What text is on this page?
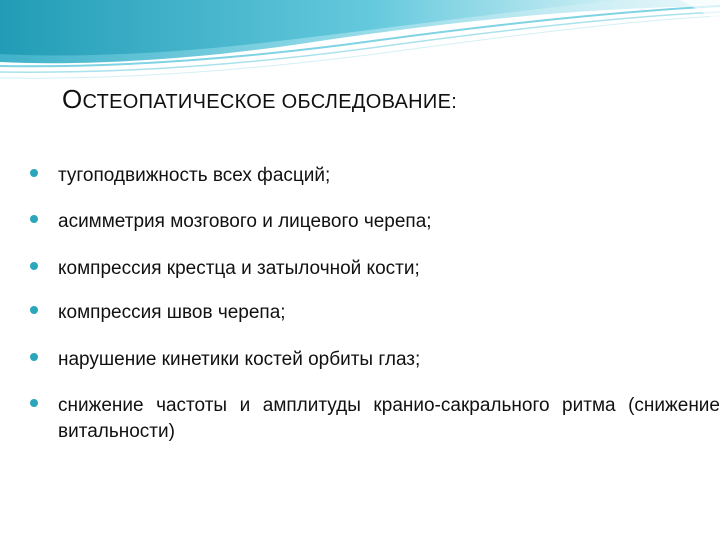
ОСТЕОПАТИЧЕСКОЕ ОБСЛЕДОВАНИЕ:
тугоподвижность всех фасций;
асимметрия мозгового и лицевого черепа;
компрессия крестца и затылочной кости;
компрессия швов черепа;
нарушение кинетики костей орбиты глаз;
снижение частоты и амплитуды кранио-сакрального ритма (снижение витальности)
